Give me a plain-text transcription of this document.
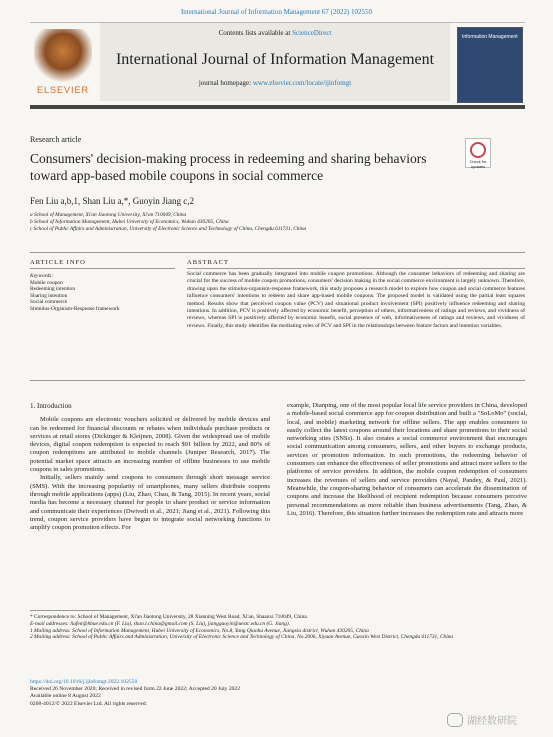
International Journal of Information Management 67 (2022) 102550
ELSEVIER
Contents lists available at ScienceDirect
International Journal of Information Management
journal homepage: www.elsevier.com/locate/ijinfomgt
Information Management
Research article
Consumers' decision-making process in redeeming and sharing behaviors toward app-based mobile coupons in social commerce
Check for updates
Fen Liu a,b,1, Shan Liu a,*, Guoyin Jiang c,2
a School of Management, Xi'an Jiaotong University, Xi'an 710049, China
b School of Information Management, Hubei University of Economics, Wuhan 430205, China
c School of Public Affairs and Administration, University of Electronic Science and Technology of China, Chengdu 611731, China
ARTICLE INFO	ABSTRACT
Keywords:
Mobile coupon
Redeeming intention
Sharing intention
Social commerce
Stimulus-Organism-Response framework
Social commerce has been gradually integrated into mobile coupon promotions. Although the consumer behaviors of redeeming and sharing are crucial for the success of mobile coupon promotions, consumers' decision making in the social commerce environment is largely unknown. Therefore, drawing upon the stimulus-organism-response framework, this study proposes a research model to explore how coupon and social commerce features influence consumers' intentions to redeem and share app-based mobile coupons. The proposed model is validated using the partial least squares method. Results show that perceived coupon value (PCV) and situational product involvement (SPI) positively influence redeeming and sharing intentions. In addition, PCV is positively affected by economic benefit, perception of others, informativeness of ratings and reviews, and vividness of reviews, whereas SPI is positively affected by economic benefit, social presence of web, informativeness of ratings and reviews, and vividness of reviews. Finally, this study identifies the mediating roles of PCV and SPI in the relationships between feature factors and intention variables.
1. Introduction

Mobile coupons are electronic vouchers solicited or delivered by mobile devices and can be redeemed for financial discounts or rebates when individuals purchase products or services at retail stores (Dickinger & Kleijnen, 2008). Given the widespread use of mobile devices, digital coupon redemption is expected to reach $91 billion by 2022, and 80% of coupon redemptions are attributed to mobile channels (Juniper Research, 2017). The potential market space attracts an increasing number of offline businesses to use mobile coupons in sales promotions.

Initially, sellers mainly send coupons to consumers through short message service (SMS). With the increasing popularity of smartphones, many sellers distribute coupons through mobile applications (apps) (Liu, Zhao, Chau, & Tang, 2015). In recent years, social media has become a necessary channel for people to share product or service information and communicate their experiences (Dwivedi et al., 2021; Jiang et al., 2021). Following this trend, coupon service providers have begun to integrate social networking functions to amplify coupon promotion effects. For

example, Dianping, one of the most popular local life service providers in China, developed a mobile-based social commerce app for coupon distribution and built a "SoLoMo" (social, local, and mobile) marketing network for offline sellers. The app enables consumers to easily collect the latest coupons around their locations and share promotions to their social networking sites (SNSs). It also creates a social commerce environment that encourages social communication among consumers, sellers, and other buyers to exchange products, services or promotion information. In such promotions, the redeeming behavior of consumers can enhance the effectiveness of seller promotions and attract more sellers to the platforms of service providers. In addition, the mobile coupon redemption of consumers increases the revenues of sellers and service providers (Nayal, Pandey, & Paul, 2021). Meanwhile, the coupon-sharing behavior of consumers can accelerate the dissemination of coupons and increase the likelihood of recipient redemption because consumers perceive personal recommendations as more reliable than business advertisements (Tang, Zhao, & Liu, 2016). Therefore, this situation further increases the redemption rate and attracts more

* Correspondence to: School of Management, Xi'an Jiaotong University, 28 Xianning West Road, Xi'an, Shaanxi 710049, China.
E-mail addresses: liufen@hbue.edu.cn (F. Liu), shan.l.china@gmail.com (S. Liu), jiangguoyin@uestc.edu.cn (G. Jiang).
1 Mailing address: School of Information Management, Hubei University of Economics, No.8, Yang Qiaohu Avenue, Jiangxia district, Wuhan 430205, China
2 Mailing address: School of Public Affairs and Administration, University of Electronic Science and Technology of China, No.2006, Xiyuan Avenue, Gaoxin West District, Chengdu 611731, China
https://doi.org/10.1016/j.ijinfomgt.2022.102550
Received 26 November 2020; Received in revised form 22 June 2022; Accepted 20 July 2022
Available online 8 August 2022
0268-4012/© 2022 Elsevier Ltd. All rights reserved.
湖经数研院
